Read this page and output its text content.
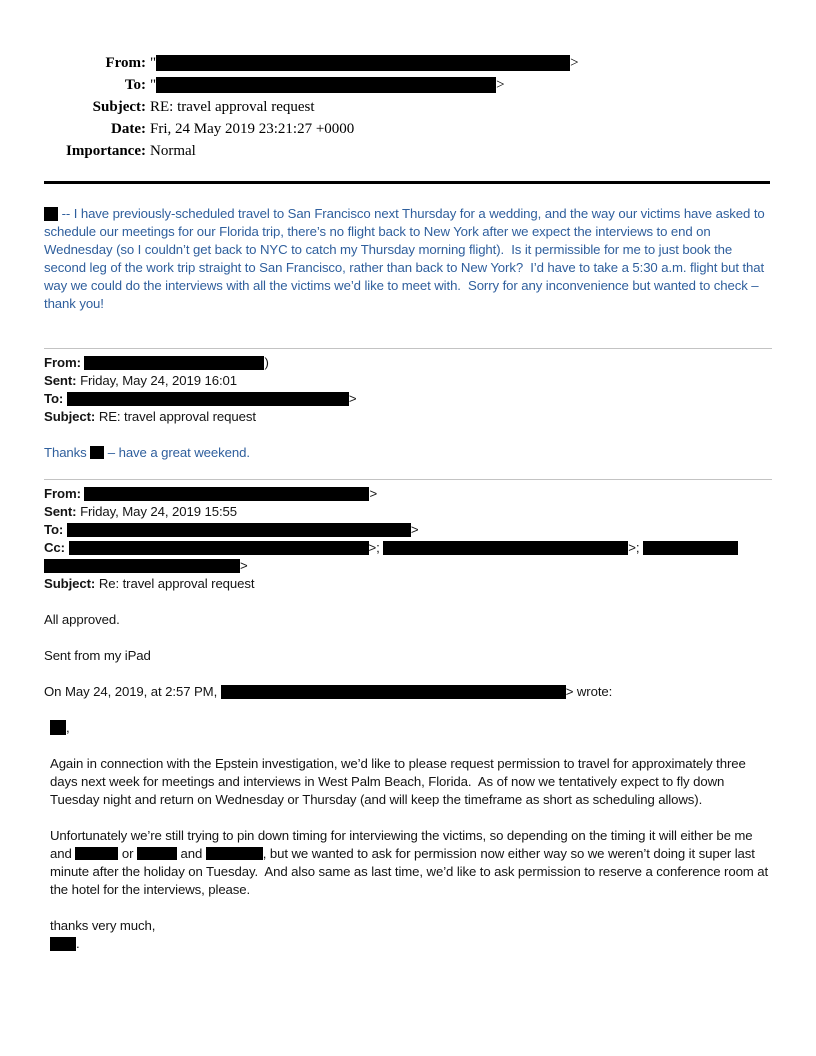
From: "	>
To: "	>
Subject: RE: travel approval request
Date: Fri, 24 May 2019 23:21:27 +0000
Importance: Normal
-- I have previously-scheduled travel to San Francisco next Thursday for a wedding, and the way our victims have asked to schedule our meetings for our Florida trip, there’s no flight back to New York after we expect the interviews to end on Wednesday (so I couldn’t get back to NYC to catch my Thursday morning flight).  Is it permissible for me to just book the second leg of the work trip straight to San Francisco, rather than back to New York?  I’d have to take a 5:30 a.m. flight but that way we could do the interviews with all the victims we’d like to meet with.  Sorry for any inconvenience but wanted to check – thank you!
From:	)
Sent: Friday, May 24, 2019 16:01
To:	>
Subject: RE: travel approval request
Thanks  – have a great weekend.
From:	>
Sent: Friday, May 24, 2019 15:55
To:	>
Cc:	>;	>;
>
Subject: Re: travel approval request
All approved.
Sent from my iPad
On May 24, 2019, at 2:57 PM,	> wrote:
,
Again in connection with the Epstein investigation, we’d like to please request permission to travel for approximately three days next week for meetings and interviews in West Palm Beach, Florida.  As of now we tentatively expect to fly down Tuesday night and return on Wednesday or Thursday (and will keep the timeframe as short as scheduling allows).
Unfortunately we’re still trying to pin down timing for interviewing the victims, so depending on the timing it will either be me and	or	and	, but we wanted to ask for permission now either way so we weren’t doing it super last minute after the holiday on Tuesday.  And also same as last time, we’d like to ask permission to reserve a conference room at the hotel for the interviews, please.
thanks very much,
.
